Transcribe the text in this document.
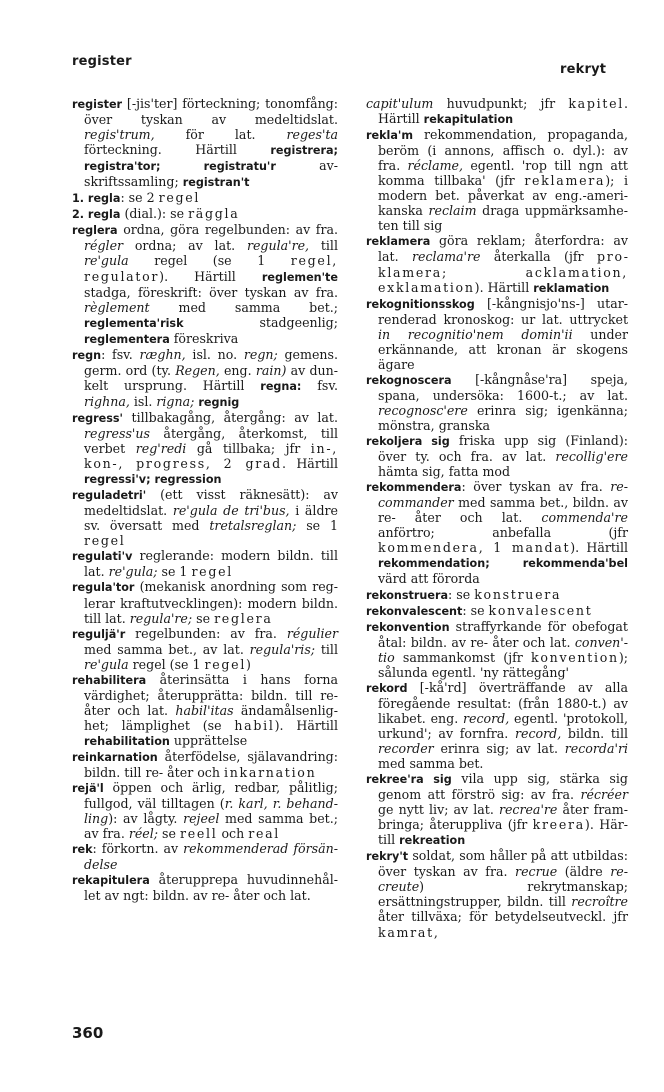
register
rekryt

register [-jis'ter] förteckning; tonomfång: över tyskan av medeltidslat. regis'trum, för lat. reges'ta förteckning. Härtill registrera; registra'tor; registratu'r avskriftssamling; registran't

1. regla: se 2 regel

2. regla (dial.): se räggla

reglera ordna, göra regelbunden: av fra. régler ordna; av lat. regula're, till re'gula regel (se 1 regel, regulator). Härtill reglemen'te stadga, föreskrift: över tyskan av fra. règlement med samma bet.; reglementa'risk stadgeenlig; reglementera föreskriva

regn: fsv. ræghn, isl. no. regn; gemens. germ. ord (ty. Regen, eng. rain) av dunkelt ursprung. Härtill regna: fsv. righna, isl. rigna; regnig

regress' tillbakagång, återgång: av lat. regress'us återgång, återkomst, till verbet reg'redi gå tillbaka; jfr in-, kon-, progress, 2 grad. Härtill regressi'v; regression

reguladetri' (ett visst räknesätt): av medeltidslat. re'gula de tri'bus, i äldre sv. översatt med tretalsreglan; se 1 regel

regulati'v reglerande: modern bildn. till lat. re'gula; se 1 regel

regula'tor (mekanisk anordning som reglerar kraftutvecklingen): modern bildn. till lat. regula're; se reglera

reguljä'r regelbunden: av fra. régulier med samma bet., av lat. regula'ris; till re'gula regel (se 1 regel)

rehabilitera återinsätta i hans forna värdighet; återupprätta: bildn. till re- åter och lat. habil'itas ändamålsenlighet; lämplighet (se habil). Härtill rehabilitation upprättelse

reinkarnation återfödelse, själavandring: bildn. till re- åter och inkarnation

rejä'l öppen och ärlig, redbar, pålitlig; fullgod, väl tilltagen (r. karl, r. behandling): av lågty. rejeel med samma bet.; av fra. réel; se reell och real

rek: förkortn. av rekommenderad försändelse

rekapitulera återupprepa huvudinnehållet av ngt: bildn. av re- åter och lat.

capit'ulum huvudpunkt; jfr kapitel. Härtill rekapitulation

rekla'm rekommendation, propaganda, beröm (i annons, affisch o. dyl.): av fra. réclame, egentl. 'rop till ngn att komma tillbaka' (jfr reklamera); i modern bet. påverkat av eng.-amerikanska reclaim draga uppmärksamheten till sig

reklamera göra reklam; återfordra: av lat. reclama're återkalla (jfr proklamera; acklamation, exklamation). Härtill reklamation

rekognitionsskog [-kångnisjo'ns-] utarrenderad kronoskog: ur lat. uttrycket in recognitio'nem domin'ii under erkännande, att kronan är skogens ägare

rekognoscera [-kångnåse'ra] speja, spana, undersöka: 1600-t.; av lat. recognosc'ere erinra sig; igenkänna; mönstra, granska

rekoljera sig friska upp sig (Finland): över ty. och fra. av lat. recollig'ere hämta sig, fatta mod

rekommendera: över tyskan av fra. recommander med samma bet., bildn. av re- åter och lat. commenda're anförtro; anbefalla (jfr kommendera, 1 mandat). Härtill rekommendation; rekommenda'bel värd att förorda

rekonstruera: se konstruera

rekonvalescent: se konvalescent

rekonvention straffyrkande för obefogat åtal: bildn. av re- åter och lat. conven'tio sammankomst (jfr konvention); sålunda egentl. 'ny rättegång'

rekord [-kå'rd] överträffande av alla föregående resultat: (från 1880-t.) av likabet. eng. record, egentl. 'protokoll, urkund'; av fornfra. record, bildn. till recorder erinra sig; av lat. recorda'ri med samma bet.

rekree'ra sig vila upp sig, stärka sig genom att förströ sig: av fra. récréer ge nytt liv; av lat. recrea're åter frambringa; återuppliva (jfr kreera). Härtill rekreation

rekry't soldat, som håller på att utbildas: över tyskan av fra. recrue (äldre recreute) rekrytmanskap; ersättningstrupper, bildn. till recroître åter tillväxa; för betydelseutveckl. jfr kamrat,

360
